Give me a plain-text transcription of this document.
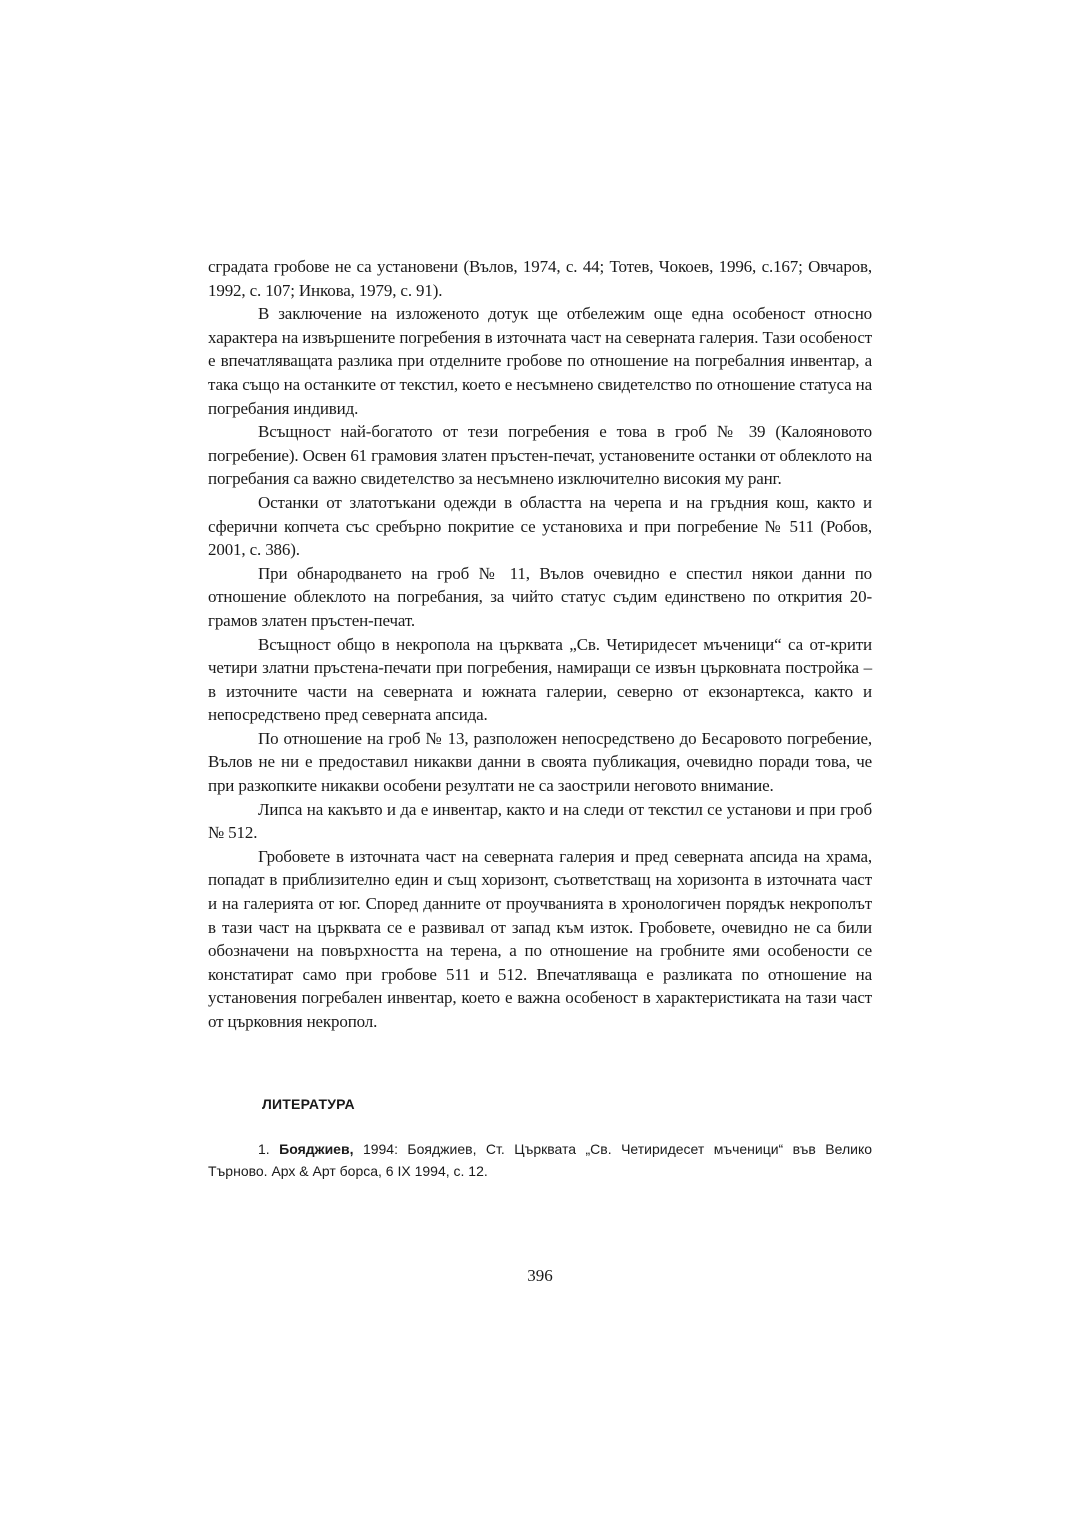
сградата гробове не са установени (Вълов, 1974, с. 44; Тотев, Чокоев, 1996, с.167; Овчаров, 1992, с. 107; Инкова, 1979, с. 91).

В заключение на изложеното дотук ще отбележим още една особеност относно характера на извършените погребения в източната част на северната галерия. Тази особеност е впечатляващата разлика при отделните гробове по отношение на погребалния инвентар, а така също на останките от текстил, което е несъмнено свидетелство по отношение статуса на погребания индивид.

Всъщност най-богатото от тези погребения е това в гроб № 39 (Калояновото погребение). Освен 61 грамовия златен пръстен-печат, установените останки от облеклото на погребания са важно свидетелство за несъмнено изключително високия му ранг.

Останки от златотъкани одежди в областта на черепа и на гръдния кош, както и сферични копчета със сребърно покритие се установиха и при погребение № 511 (Робов, 2001, с. 386).

При обнародването на гроб № 11, Вълов очевидно е спестил някои данни по отношение облеклото на погребания, за чийто статус съдим единствено по открития 20-грамов златен пръстен-печат.

Всъщност общо в некропола на църквата „Св. Четиридесет мъченици“ са от-крити четири златни пръстена-печати при погребения, намиращи се извън църковната постройка – в източните части на северната и южната галерии, северно от екзонартекса, както и непосредствено пред северната апсида.

По отношение на гроб № 13, разположен непосредствено до Бесаровото погребение, Вълов не ни е предоставил никакви данни в своята публикация, очевидно поради това, че при разкопките никакви особени резултати не са заострили неговото внимание.

Липса на какъвто и да е инвентар, както и на следи от текстил се установи и при гроб № 512.

Гробовете в източната част на северната галерия и пред северната апсида на храма, попадат в приблизително един и същ хоризонт, съответстващ на хоризонта в източната част и на галерията от юг. Според данните от проучванията в хронологичен порядък некрополът в тази част на църквата се е развивал от запад към изток. Гробовете, очевидно не са били обозначени на повърхността на терена, а по отношение на гробните ями особености се констатират само при гробове 511 и 512. Впечатляваща е разликата по отношение на установения погребален инвентар, което е важна особеност в характеристиката на тази част от църковния некропол.

ЛИТЕРАТУРА

1. Бояджиев, 1994: Бояджиев, Ст. Църквата „Св. Четиридесет мъченици“ във Велико Търново. Арх & Арт борса, 6 IX 1994, с. 12.

396
